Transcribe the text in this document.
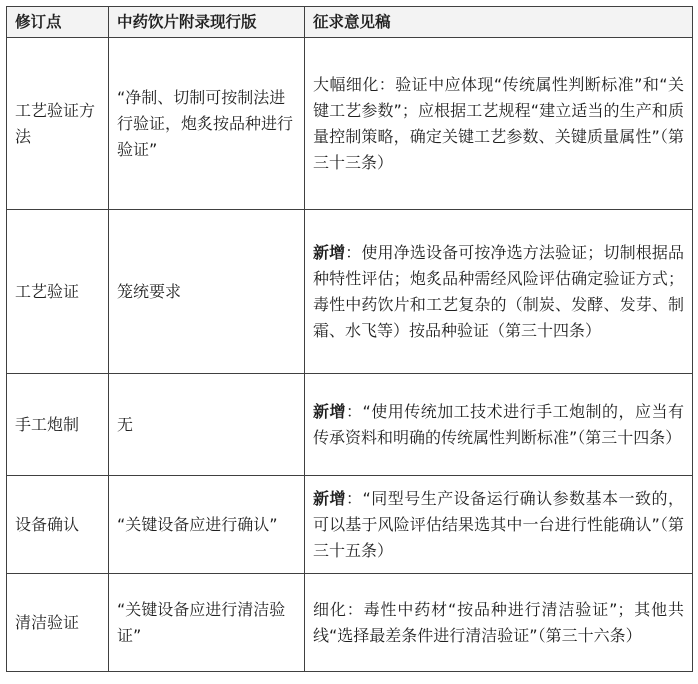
修订点	中药饮片附录现行版	征求意见稿
工艺验证方法	“净制、切制可按制法进行验证，炮炙按品种进行验证”	大幅细化：验证中应体现“传统属性判断标准”和“关键工艺参数”；应根据工艺规程“建立适当的生产和质量控制策略，确定关键工艺参数、关键质量属性”（第三十三条）
工艺验证	笼统要求	新增：使用净选设备可按净选方法验证；切制根据品种特性评估；炮炙品种需经风险评估确定验证方式；毒性中药饮片和工艺复杂的（制炭、发酵、发芽、制霜、水飞等）按品种验证（第三十四条）
手工炮制	无	新增：“使用传统加工技术进行手工炮制的，应当有传承资料和明确的传统属性判断标准”（第三十四条）
设备确认	“关键设备应进行确认”	新增：“同型号生产设备运行确认参数基本一致的，可以基于风险评估结果选其中一台进行性能确认”（第三十五条）
清洁验证	“关键设备应进行清洁验证”	细化：毒性中药材“按品种进行清洁验证”；其他共线“选择最差条件进行清洁验证”（第三十六条）
